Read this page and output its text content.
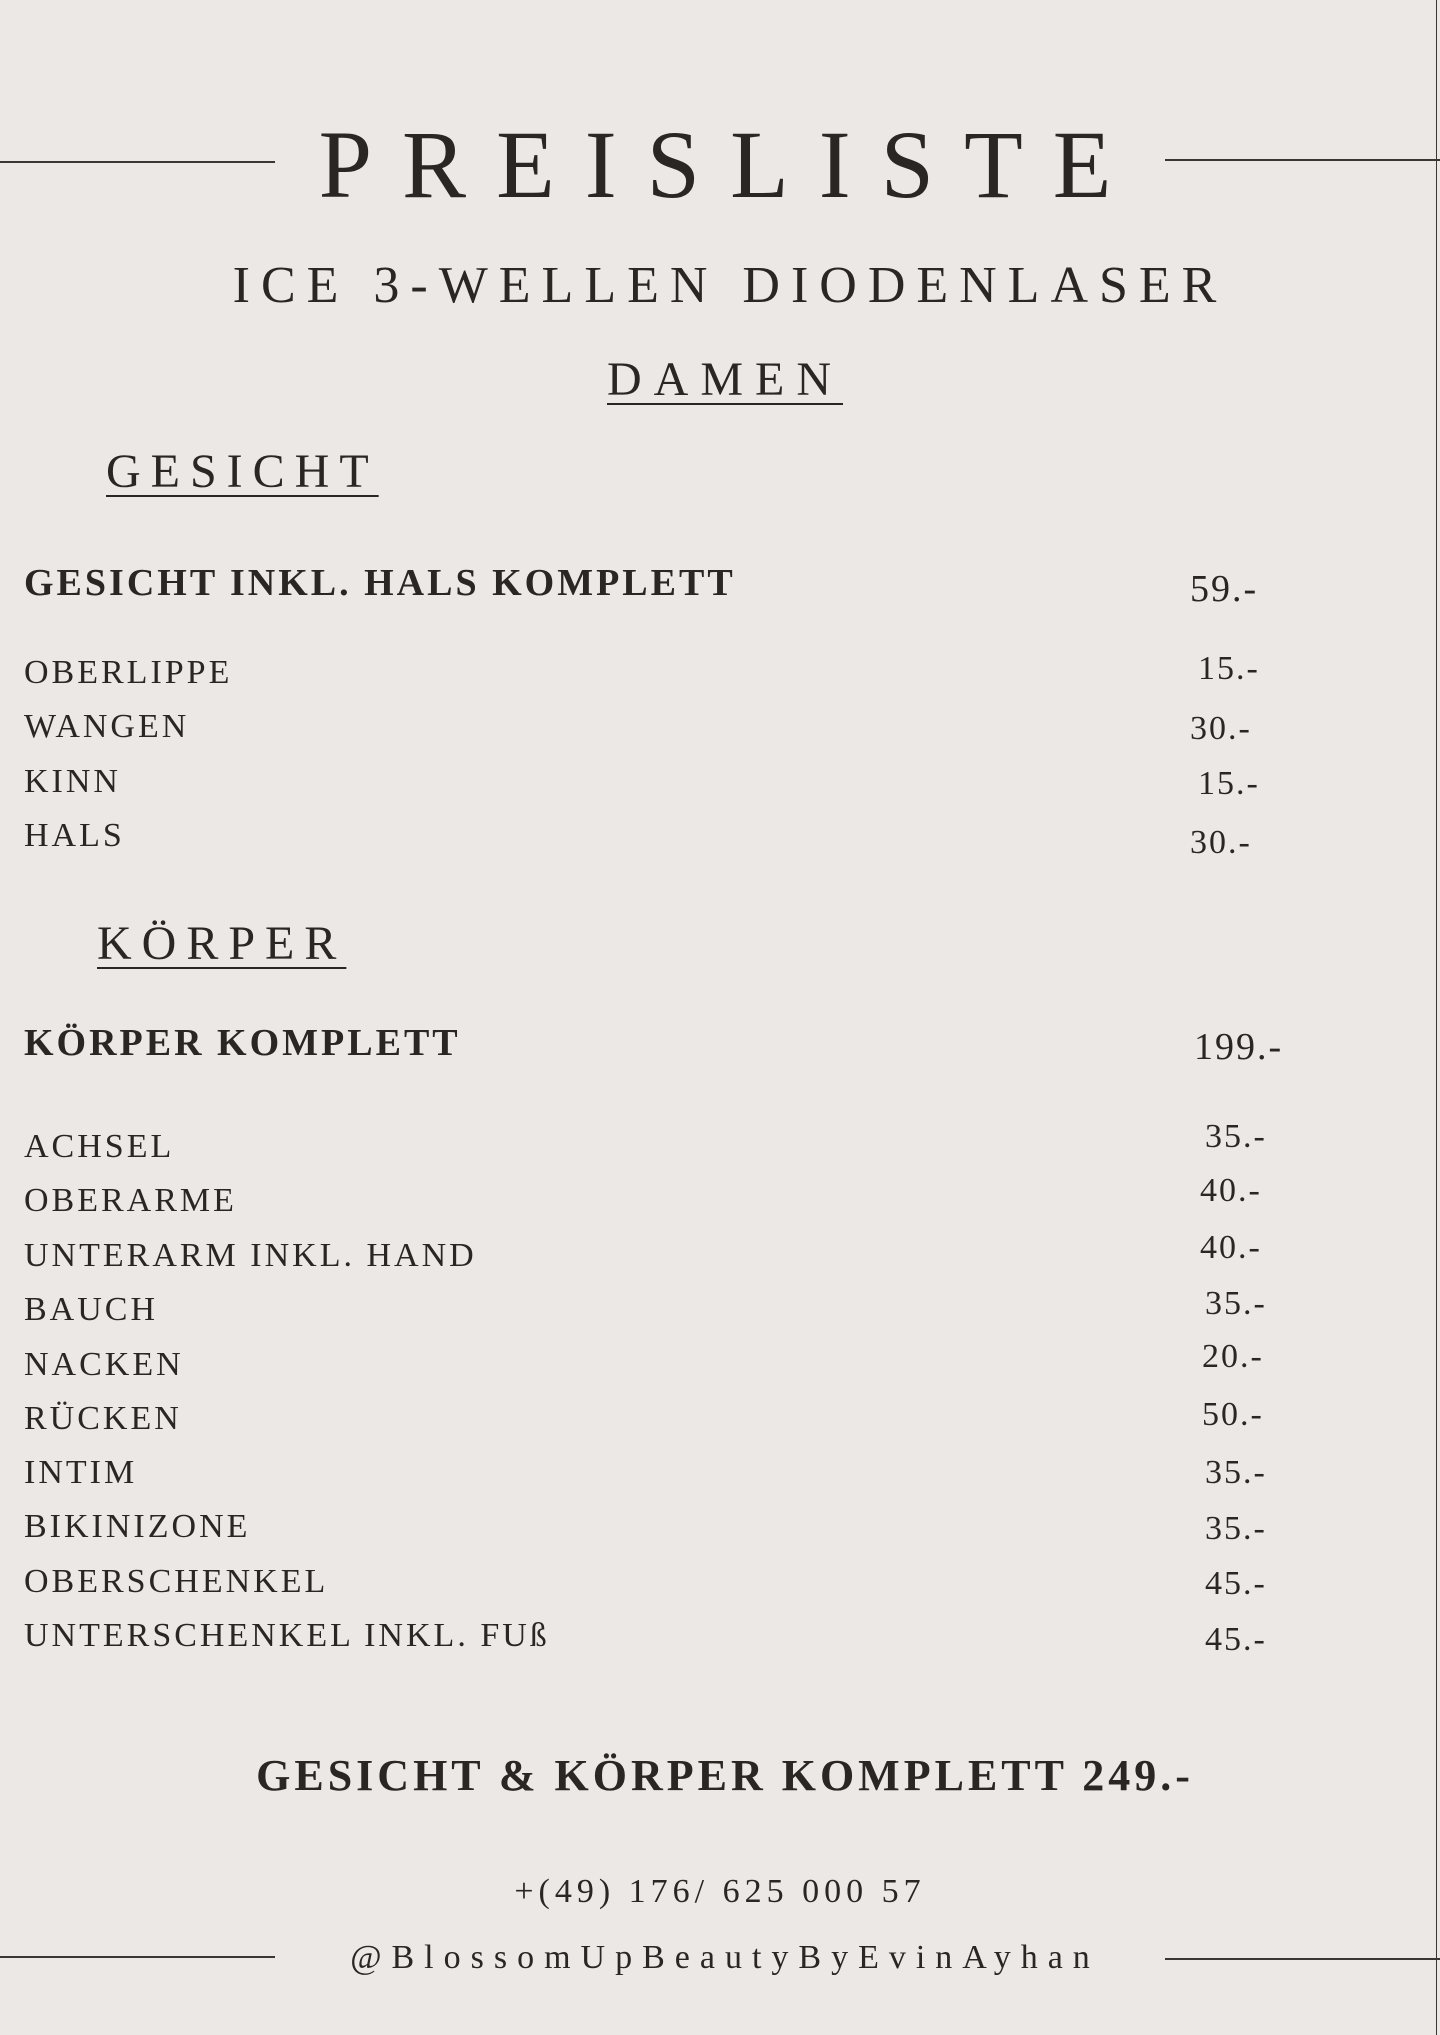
PREISLISTE
ICE 3-WELLEN DIODENLASER
DAMEN
GESICHT
GESICHT INKL. HALS KOMPLETT	59.-
OBERLIPPE	15.-
WANGEN	30.-
KINN	15.-
HALS	30.-
KÖRPER
KÖRPER KOMPLETT	199.-
ACHSEL	35.-
OBERARME	40.-
UNTERARM INKL. HAND	40.-
BAUCH	35.-
NACKEN	20.-
RÜCKEN	50.-
INTIM	35.-
BIKINIZONE	35.-
OBERSCHENKEL	45.-
UNTERSCHENKEL INKL. FUß	45.-
GESICHT & KÖRPER KOMPLETT 249.-
+(49) 176/ 625 000 57
@BlossomUpBeautyByEvinAyhan
